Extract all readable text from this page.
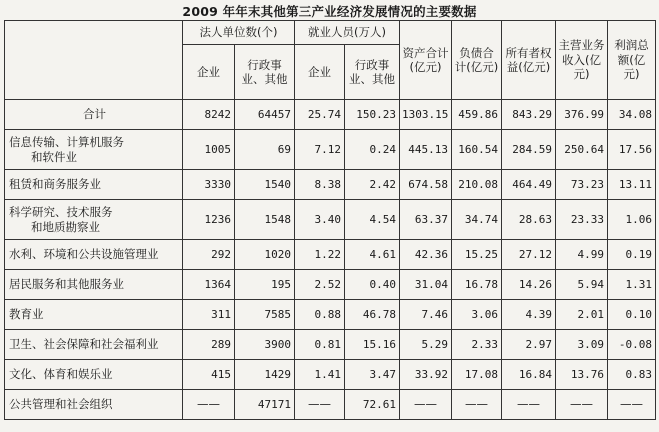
2009 年年末其他第三产业经济发展情况的主要数据
	法人单位数(个)		就业人员(万人)		资产合计(亿元)	负债合计(亿元)	所有者权益(亿元)	主营业务收入(亿元)	利润总额(亿元)
	企业	行政事业、其他	企业	行政事业、其他					

合计	8242	64457	25.74	150.23	1303.15	459.86	843.29	376.99	34.08

信息传输、计算机服务
和软件业	1005	69	7.12	0.24	445.13	160.54	284.59	250.64	17.56

租赁和商务服务业	3330	1540	8.38	2.42	674.58	210.08	464.49	73.23	13.11

科学研究、技术服务
和地质勘察业	1236	1548	3.40	4.54	63.37	34.74	28.63	23.33	1.06

水利、环境和公共设施管理业	292	1020	1.22	4.61	42.36	15.25	27.12	4.99	0.19

居民服务和其他服务业	1364	195	2.52	0.40	31.04	16.78	14.26	5.94	1.31

教育业	311	7585	0.88	46.78	7.46	3.06	4.39	2.01	0.10

卫生、社会保障和社会福利业	289	3900	0.81	15.16	5.29	2.33	2.97	3.09	-0.08

文化、体育和娱乐业	415	1429	1.41	3.47	33.92	17.08	16.84	13.76	0.83

公共管理和社会组织	——	47171	——	72.61	——	——	——	——	——
